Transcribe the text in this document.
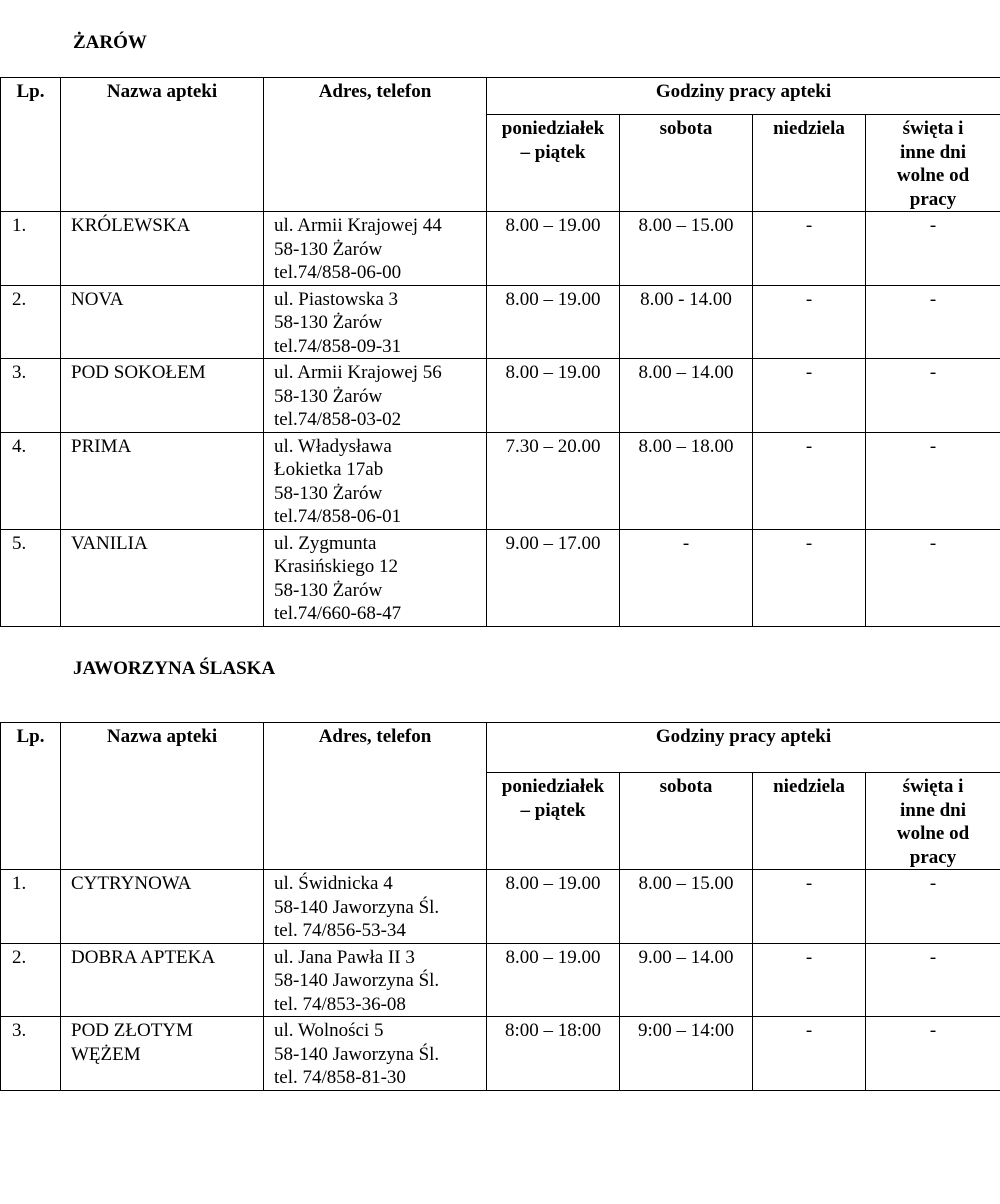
ŻARÓW
Lp.	Nazwa apteki	Adres, telefon	Godziny pracy apteki			

			poniedziałek – piątek	sobota	niedziela	święta i inne dni wolne od pracy

1.	KRÓLEWSKA	ul. Armii Krajowej 44
58-130 Żarów
tel.74/858-06-00	8.00 – 19.00	8.00 – 15.00	-	-
2.	NOVA	ul. Piastowska 3
58-130 Żarów
tel.74/858-09-31	8.00 – 19.00	8.00 - 14.00	-	-
3.	POD SOKOŁEM	ul. Armii Krajowej 56
58-130 Żarów
tel.74/858-03-02	8.00 – 19.00	8.00 – 14.00	-	-
4.	PRIMA	ul. Władysława
Łokietka 17ab
58-130 Żarów
tel.74/858-06-01	7.30 – 20.00	8.00 – 18.00	-	-
5.	VANILIA	ul. Zygmunta
Krasińskiego 12
58-130 Żarów
tel.74/660-68-47	9.00 – 17.00	-	-	-
JAWORZYNA ŚLASKA
Lp.	Nazwa apteki	Adres, telefon	Godziny pracy apteki			

			poniedziałek – piątek	sobota	niedziela	święta i inne dni wolne od pracy

1.	CYTRYNOWA	ul. Świdnicka 4
58-140 Jaworzyna Śl.
tel. 74/856-53-34	8.00 – 19.00	8.00 – 15.00	-	-
2.	DOBRA APTEKA	ul. Jana Pawła II 3
58-140 Jaworzyna Śl.
tel. 74/853-36-08	8.00 – 19.00	9.00 – 14.00	-	-
3.	POD ZŁOTYM WĘŻEM	ul. Wolności 5
58-140 Jaworzyna Śl.
tel. 74/858-81-30	8:00 – 18:00	9:00 – 14:00	-	-
